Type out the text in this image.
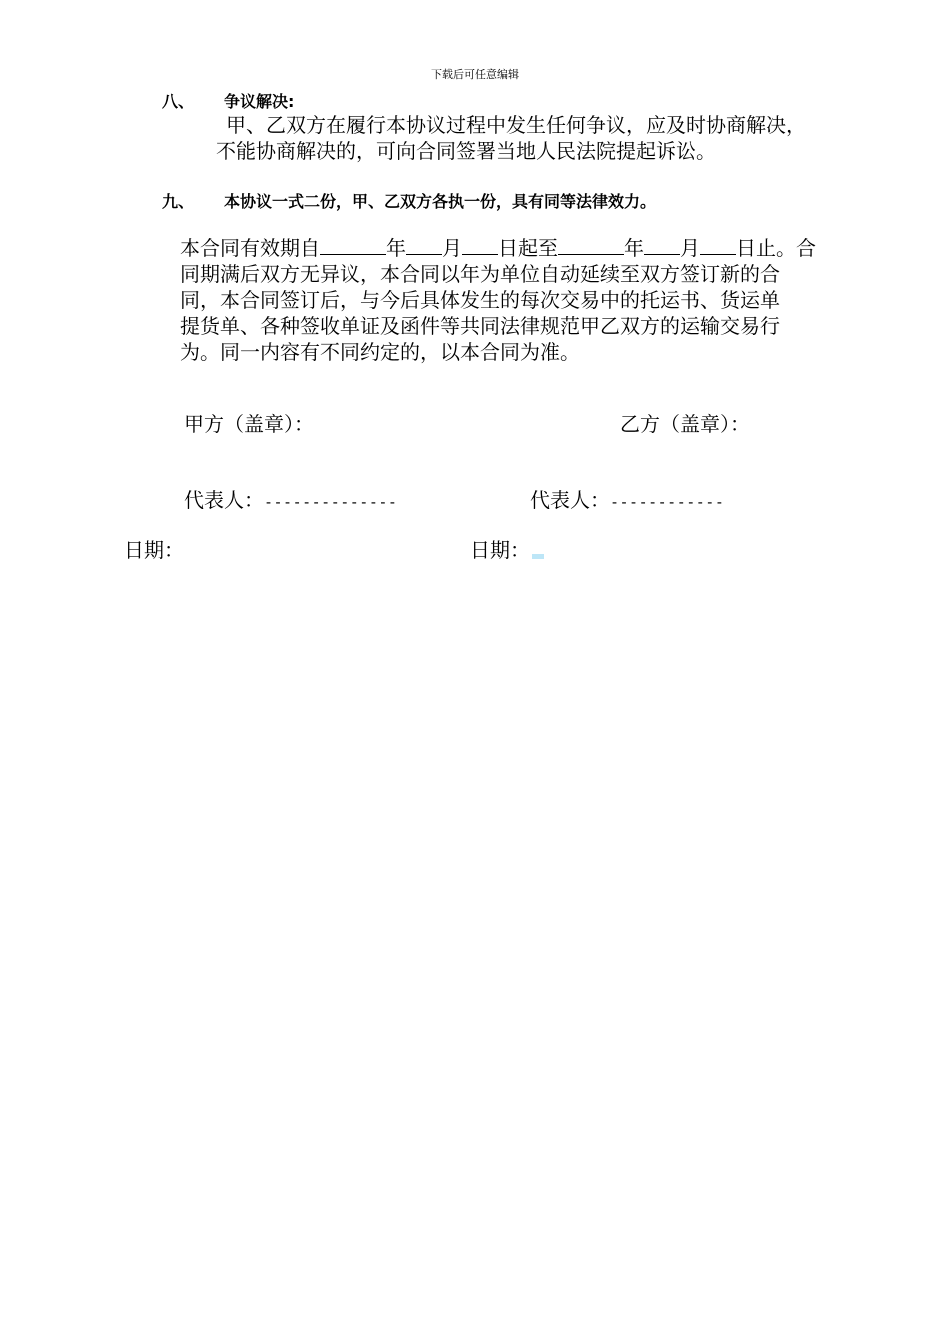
下载后可任意编辑
八、 争议解决:
甲、乙双方在履行本协议过程中发生任何争议，应及时协商解决，
不能协商解决的，可向合同签署当地人民法院提起诉讼。
九、 本协议一式二份，甲、乙双方各执一份，具有同等法律效力。
本合同有效期自	年 月 日起至	年 月 日止。合
同期满后双方无异议，本合同以年为单位自动延续至双方签订新的合
同，本合同签订后，与今后具体发生的每次交易中的托运书、货运单
提货单、各种签收单证及函件等共同法律规范甲乙双方的运输交易行
为。同一内容有不同约定的，以本合同为准。
甲方（盖章）：	乙方（盖章）：
代表人：--------------	代表人：------------
日期：	日期：
